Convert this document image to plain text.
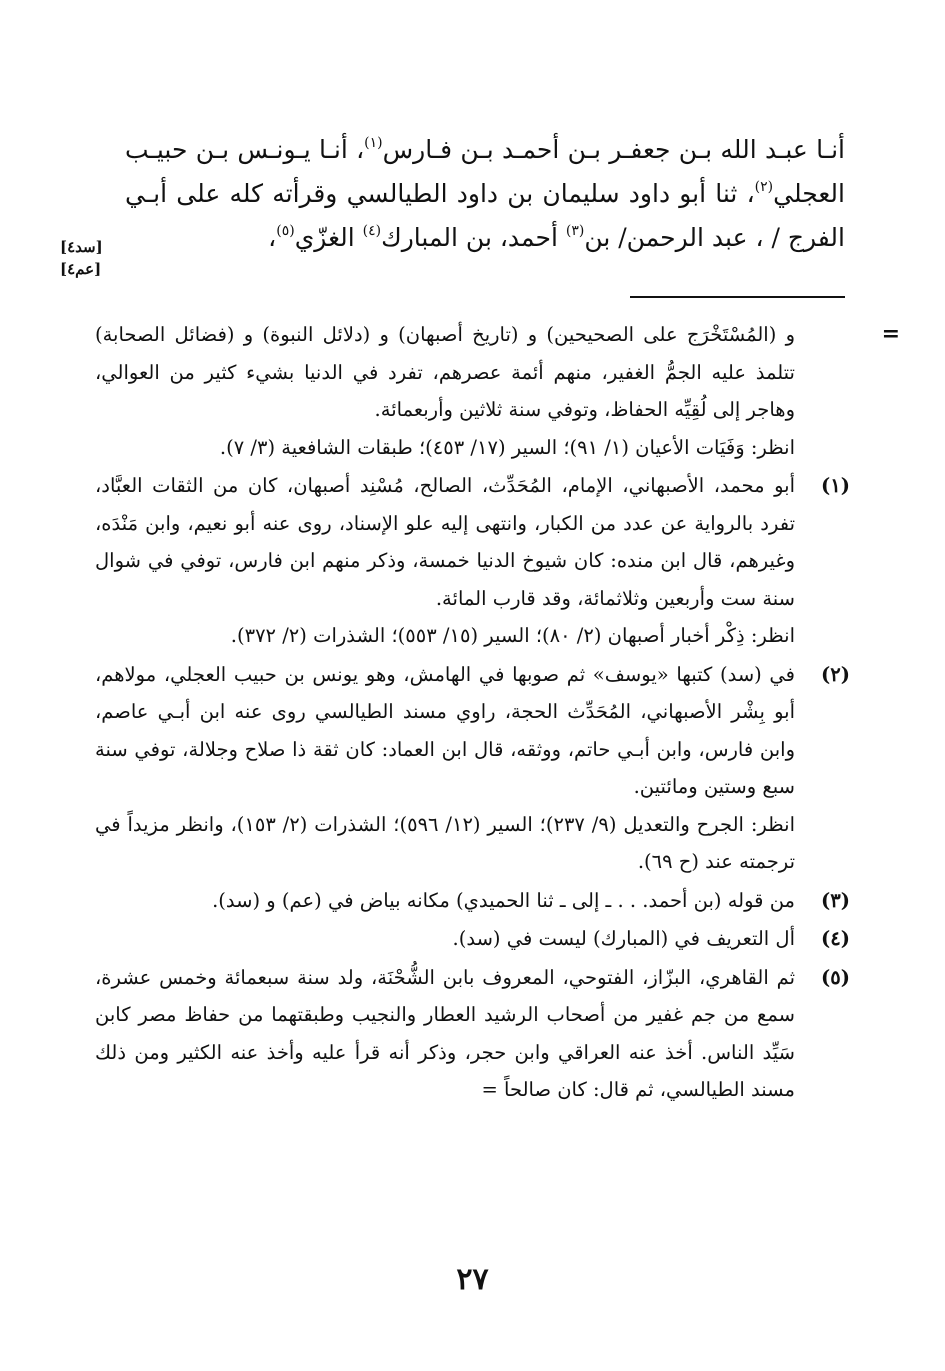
أنـا عبـد الله بـن جعفـر بـن أحمـد بـن فـارس$^{(١)}$، أنـا يـونـس بـن حبيـب العجلي$^{(٢)}$، ثنا أبو داود سليمان بن داود الطيالسي وقرأته كله على أبـي الفرج / ، عبد الرحمن/ بن$^{(٣)}$ أحمد، بن المبارك$^{(٤)}$ الغزّي$^{(٥)}$،

[سد٤]
[عم٤]
=

و (المُسْتَخْرَج على الصحيحين) و (تاريخ أصبهان) و (دلائل النبوة) و (فضائل الصحابة) تتلمذ عليه الجمُّ الغفير، منهم أئمة عصرهم، تفرد في الدنيا بشيء كثير من العوالي، وهاجر إلى لُقِيِّه الحفاظ، وتوفي سنة ثلاثين وأربعمائة.

انظر: وَفَيَات الأعيان (١/ ٩١)؛ السير (١٧/ ٤٥٣)؛ طبقات الشافعية (٣/ ٧).

(١)

أبو محمد، الأصبهاني، الإمام، المُحَدِّث، الصالح، مُسْنِد أصبهان، كان من الثقات العبَّاد، تفرد بالرواية عن عدد من الكبار، وانتهى إليه علو الإسناد، روى عنه أبو نعيم، وابن مَنْدَه، وغيرهم، قال ابن منده: كان شيوخ الدنيا خمسة، وذكر منهم ابن فارس، توفي في شوال سنة ست وأربعين وثلاثمائة، وقد قارب المائة.

انظر: ذِكْر أخبار أصبهان (٢/ ٨٠)؛ السير (١٥/ ٥٥٣)؛ الشذرات (٢/ ٣٧٢).

(٢)

في (سد) كتبها «يوسف» ثم صوبها في الهامش، وهو يونس بن حبيب العجلي، مولاهم، أبو بِشْر الأصبهاني، المُحَدِّث الحجة، راوي مسند الطيالسي روى عنه ابن أبـي عاصم، وابن فارس، وابن أبـي حاتم، ووثقه، قال ابن العماد: كان ثقة ذا صلاح وجلالة، توفي سنة سبع وستين ومائتين.

انظر: الجرح والتعديل (٩/ ٢٣٧)؛ السير (١٢/ ٥٩٦)؛ الشذرات (٢/ ١٥٣)، وانظر مزيداً في ترجمته عند (ح ٦٩).

(٣)

من قوله (بن أحمد. . . ـ إلى ـ ثنا الحميدي) مكانه بياض في (عم) و (سد).

(٤)

أل التعريف في (المبارك) ليست في (سد).

(٥)

ثم القاهري، البزّاز، الفتوحي، المعروف بابن الشُّحْنَة، ولد سنة سبعمائة وخمس عشرة، سمع من جم غفير من أصحاب الرشيد العطار والنجيب وطبقتهما من حفاظ مصر كابن سَيِّد الناس. أخذ عنه العراقي وابن حجر، وذكر أنه قرأ عليه وأخذ عنه الكثير ومن ذلك مسند الطيالسي، ثم قال: كان صالحاً =

٢٧
